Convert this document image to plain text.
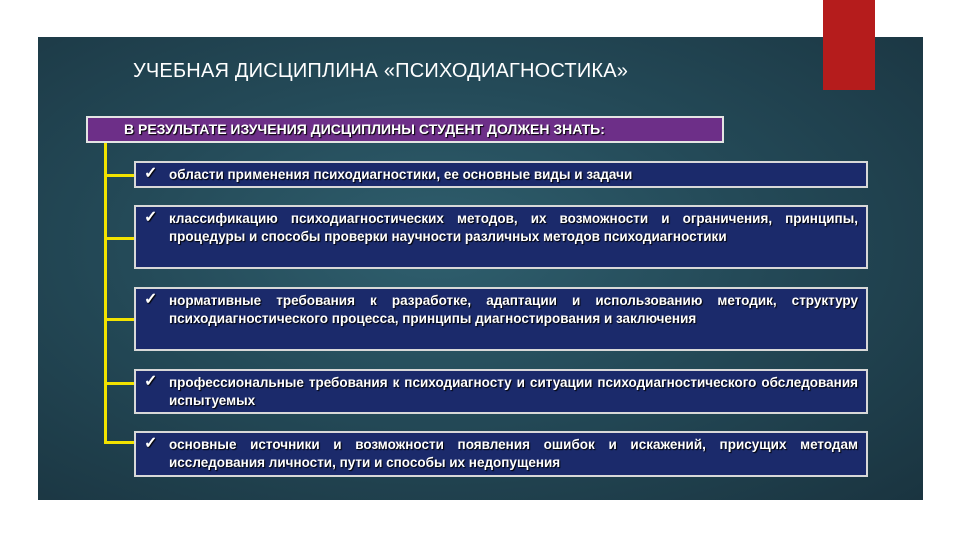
УЧЕБНАЯ ДИСЦИПЛИНА «ПСИХОДИАГНОСТИКА»
В РЕЗУЛЬТАТЕ ИЗУЧЕНИЯ ДИСЦИПЛИНЫ СТУДЕНТ ДОЛЖЕН ЗНАТЬ:
✓ области применения психодиагностики, ее основные виды и задачи
✓ классификацию психодиагностических методов, их возможности и ограничения, принципы, процедуры и способы проверки научности различных методов психодиагностики
✓ нормативные требования к разработке, адаптации и использованию методик, структуру психодиагностического процесса, принципы диагностирования и заключения
✓ профессиональные требования к психодиагносту и ситуации психодиагностического обследования испытуемых
✓ основные источники и возможности появления ошибок и искажений, присущих методам исследования личности, пути и способы их недопущения
